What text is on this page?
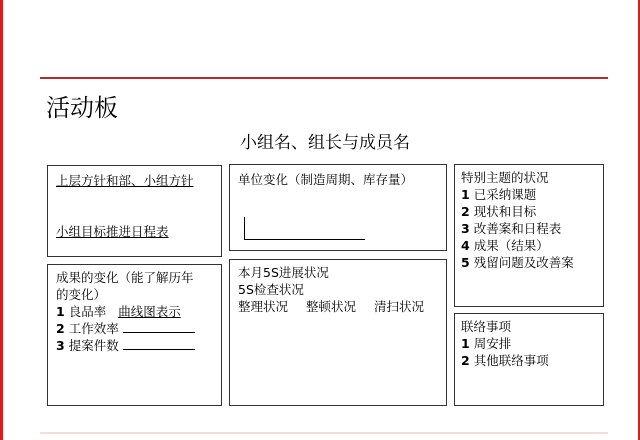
活动板
小组名、组长与成员名
上层方针和部、小组方针
小组目标推进日程表
成果的变化（能了解历年
的变化）
1 良品率 曲线图表示
2 工作效率
3 提案件数
单位变化（制造周期、库存量）
本月5S进展状况
5S检查状况
整理状况 整顿状况 清扫状况
特别主题的状况
1 已采纳课题
2 现状和目标
3 改善案和日程表
4 成果（结果）
5 残留问题及改善案
联络事项
1 周安排
2 其他联络事项
